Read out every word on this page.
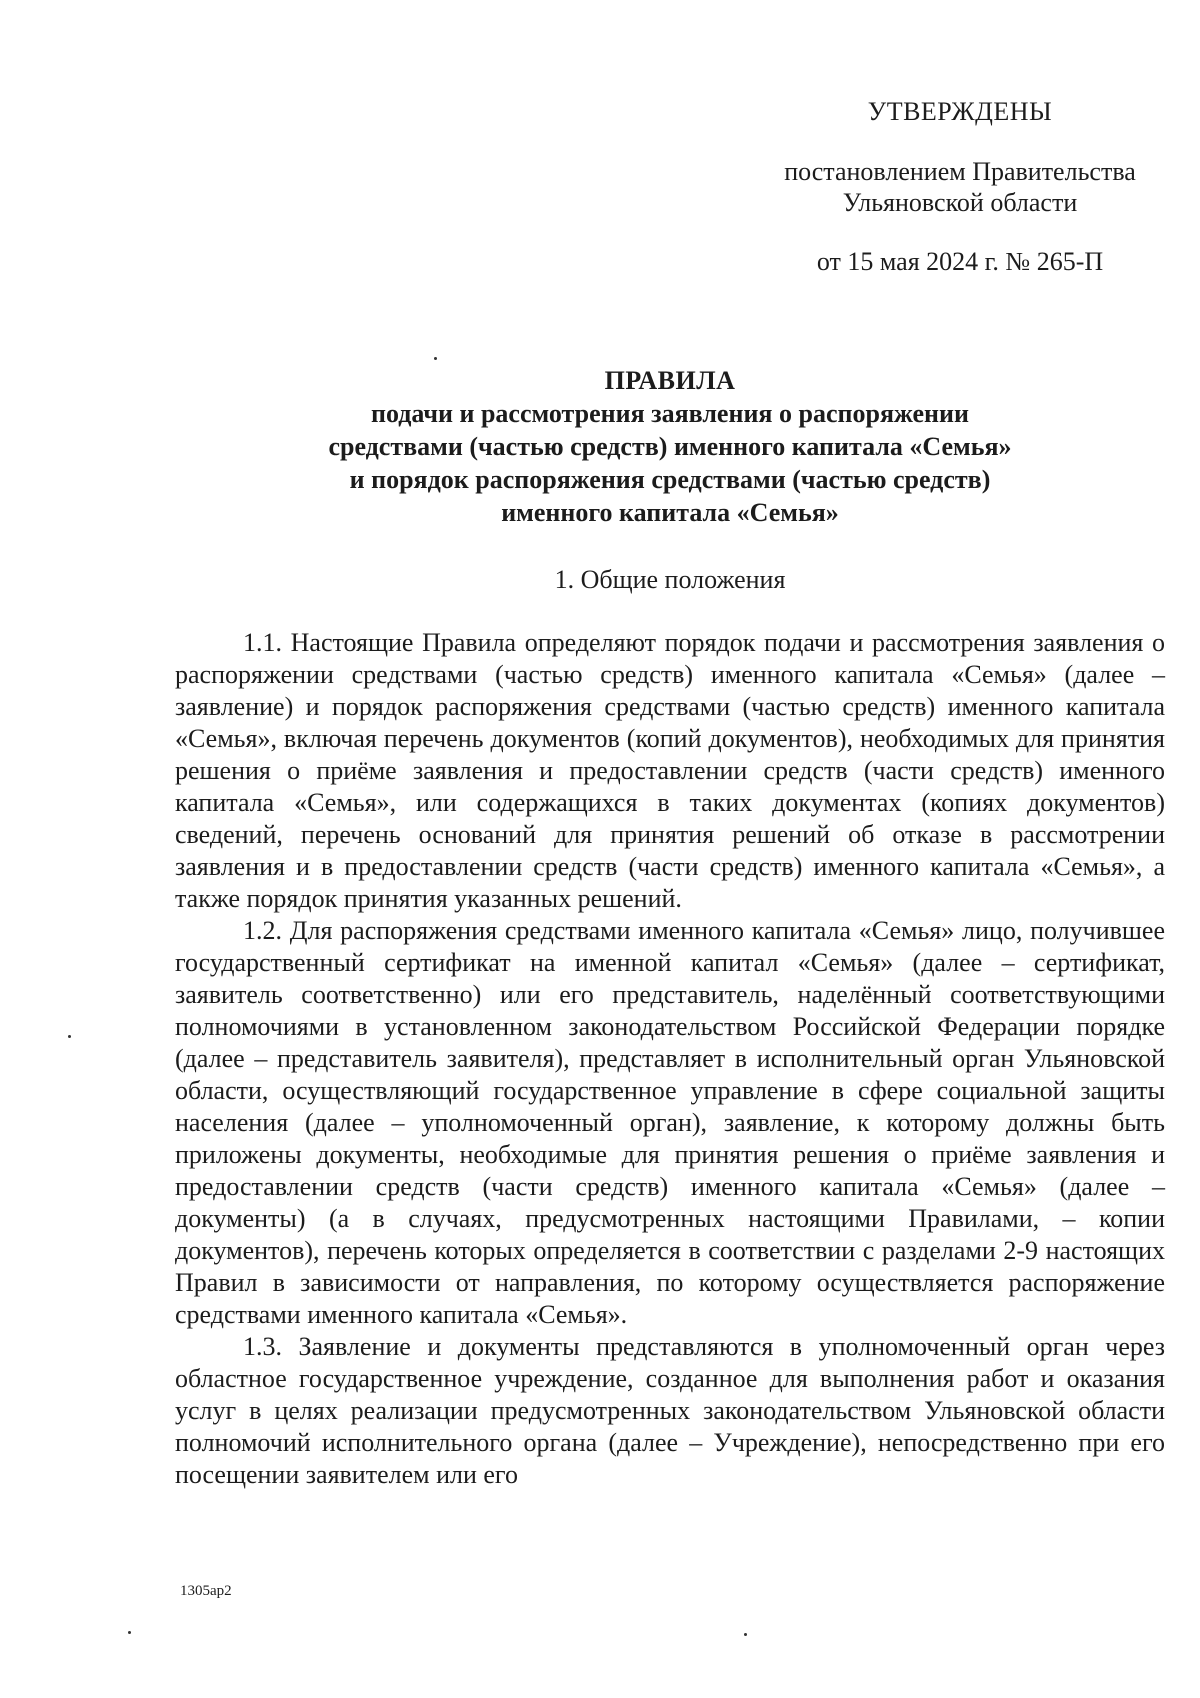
УТВЕРЖДЕНЫ
постановлением Правительства
Ульяновской области
от 15 мая 2024 г. № 265-П
ПРАВИЛА
подачи и рассмотрения заявления о распоряжении
средствами (частью средств) именного капитала «Семья»
и порядок распоряжения средствами (частью средств)
именного капитала «Семья»
1. Общие положения

1.1. Настоящие Правила определяют порядок подачи и рассмотрения заявления о распоряжении средствами (частью средств) именного капитала «Семья» (далее – заявление) и порядок распоряжения средствами (частью средств) именного капитала «Семья», включая перечень документов (копий документов), необходимых для принятия решения о приёме заявления и предоставлении средств (части средств) именного капитала «Семья», или содержащихся в таких документах (копиях документов) сведений, перечень оснований для принятия решений об отказе в рассмотрении заявления и в предоставлении средств (части средств) именного капитала «Семья», а также порядок принятия указанных решений.

1.2. Для распоряжения средствами именного капитала «Семья» лицо, получившее государственный сертификат на именной капитал «Семья» (далее – сертификат, заявитель соответственно) или его представитель, наделённый соответствующими полномочиями в установленном законодательством Российской Федерации порядке (далее – представитель заявителя), представляет в исполнительный орган Ульяновской области, осуществляющий государственное управление в сфере социальной защиты населения (далее – уполномоченный орган), заявление, к которому должны быть приложены документы, необходимые для принятия решения о приёме заявления и предоставлении средств (части средств) именного капитала «Семья» (далее – документы) (а в случаях, предусмотренных настоящими Правилами, – копии документов), перечень которых определяется в соответствии с разделами 2-9 настоящих Правил в зависимости от направления, по которому осуществляется распоряжение средствами именного капитала «Семья».

1.3. Заявление и документы представляются в уполномоченный орган через областное государственное учреждение, созданное для выполнения работ и оказания услуг в целях реализации предусмотренных законодательством Ульяновской области полномочий исполнительного органа (далее – Учреждение), непосредственно при его посещении заявителем или его

1305ар2
